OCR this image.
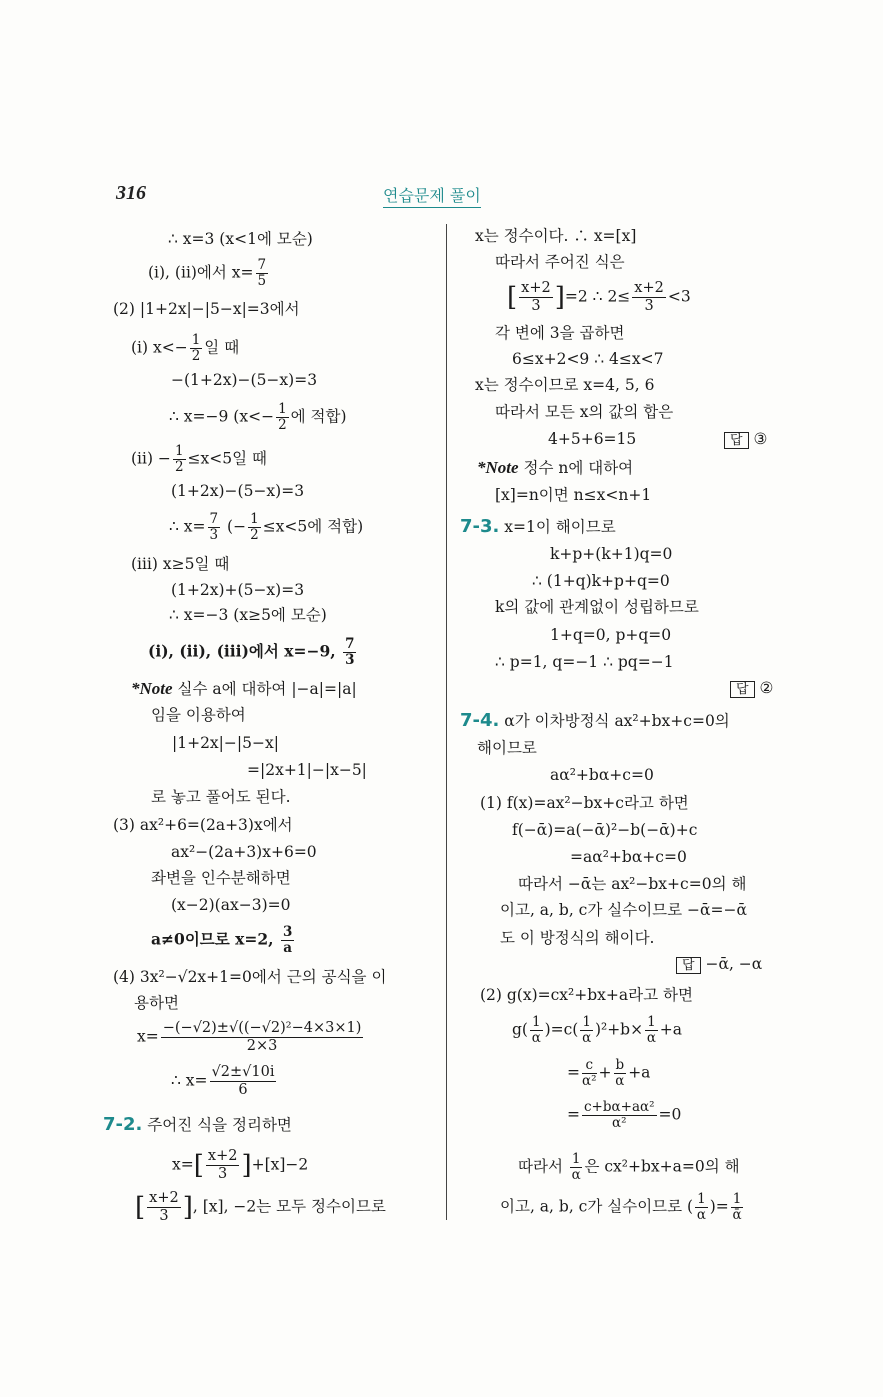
316	연습문제 풀이
∴ x=3 (x<1에 모순)
(ⅰ), (ⅱ)에서 $x= \frac{7}{5}$
(2) |1+2x|−|5−x|=3에서
(ⅰ) $x<- \frac{1}{2}$ 일 때
−(1+2x)−(5−x)=3
∴ x=−9 ($x<- \frac{1}{2}$ 에 적합)
(ⅱ) − $\frac{1}{2} \le x<5$일 때
(1+2x)−(5−x)=3
∴ $x= \frac{7}{3}$ (− $\frac{1}{2} \le x<5$에 적합)
(ⅲ) x≥5일 때
(1+2x)+(5−x)=3
∴ x=−3 (x≥5에 모순)
(ⅰ), (ⅱ), (ⅲ)에서 x=−9, $\frac{7}{3}$
*Note 실수 a에 대하여 |−a|=|a|
임을 이용하여
|1+2x|−|5−x|
=|2x+1|−|x−5|
로 놓고 풀어도 된다.
(3) ax²+6=(2a+3)x에서
ax²−(2a+3)x+6=0
좌변을 인수분해하면
(x−2)(ax−3)=0
a≠0이므로 x=2, $\frac{3}{a}$
(4) 3x²−√2x+1=0에서 근의 공식을 이
용하면
$x= \frac{\text{−(−√2)±√((−√2)²−4×3×1)}}{2\times 3}$
∴ $x= \frac{√2\pm√10i}{6}$
7-2. 주어진 식을 정리하면
$x=[ \frac{x+2}{3} ]+[x]-2$
[ $\frac{x+2}{3}$ ], [x], −2는 모두 정수이므로
x는 정수이다. ∴ x=[x]
따라서 주어진 식은
[ $\frac{x+2}{3} ]=2$ ∴ $2\le \frac{x+2}{3} <3$
각 변에 3을 곱하면
6≤x+2<9 ∴ 4≤x<7
x는 정수이므로 x=4, 5, 6
따라서 모든 x의 값의 합은
4+5+6=15	답 ③
*Note 정수 n에 대하여
[x]=n이면 n≤x<n+1
7-3. x=1이 해이므로
k+p+(k+1)q=0
∴ (1+q)k+p+q=0
k의 값에 관계없이 성립하므로
1+q=0, p+q=0
∴ p=1, q=−1 ∴ pq=−1
답 ②
7-4. α가 이차방정식 ax²+bx+c=0의
해이므로
aα²+bα+c=0
(1) f(x)=ax²−bx+c라고 하면
f(−ᾱ)=a(−ᾱ)²−b(−ᾱ)+c
=aα²+bα+c=0
따라서 −ᾱ는 ax²−bx+c=0의 해
이고, a, b, c가 실수이므로 −ᾱ=−ᾱ
도 이 방정식의 해이다.
답 −ᾱ, −α
(2) g(x)=cx²+bx+a라고 하면
$g( \frac{1}{\alpha} )=c( \frac{1}{\alpha} )^2+b\times \frac{1}{\alpha} +a$
= $\frac{c}{\text{α²}} + \frac{b}{\alpha} +a$
= $\frac{\text{c+bα+aα²}}{\text{α²}} =0$
따라서 $\frac{1}{\alpha}$ 은 cx²+bx+a=0의 해
이고, a, b, c가 실수이므로 ( $\frac{1}{\alpha}$ )= $\frac{1}{\text{ᾱ}}$
